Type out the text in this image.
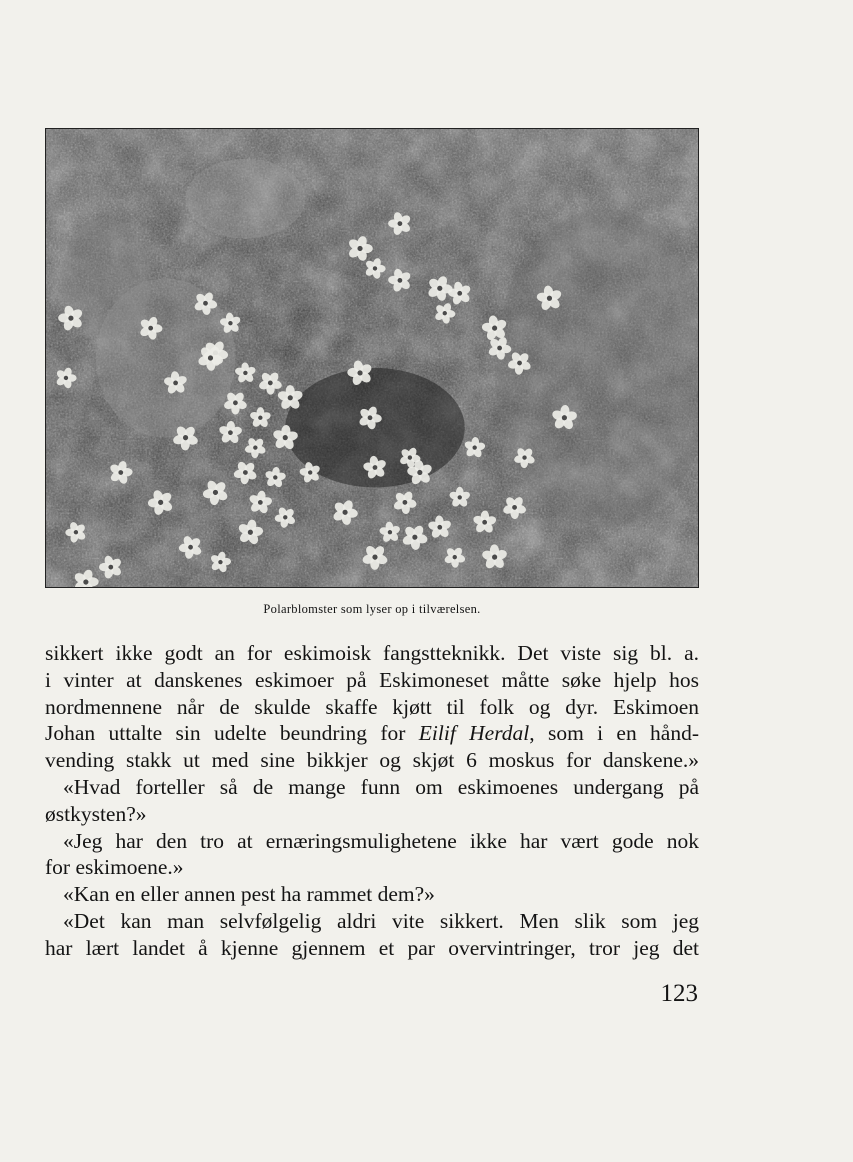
Polarblomster som lyser op i tilværelsen.
sikkert ikke godt an for eskimoisk fangstteknikk. Det viste sig bl. a.
i vinter at danskenes eskimoer på Eskimoneset måtte søke hjelp hos
nordmennene når de skulde skaffe kjøtt til folk og dyr. Eskimoen
Johan uttalte sin udelte beundring for Eilif Herdal, som i en hånd-
vending stakk ut med sine bikkjer og skjøt 6 moskus for danskene.»
«Hvad forteller så de mange funn om eskimoenes undergang på
østkysten?»
«Jeg har den tro at ernæringsmulighetene ikke har vært gode nok
for eskimoene.»
«Kan en eller annen pest ha rammet dem?»
«Det kan man selvfølgelig aldri vite sikkert. Men slik som jeg
har lært landet å kjenne gjennem et par overvintringer, tror jeg det
123
